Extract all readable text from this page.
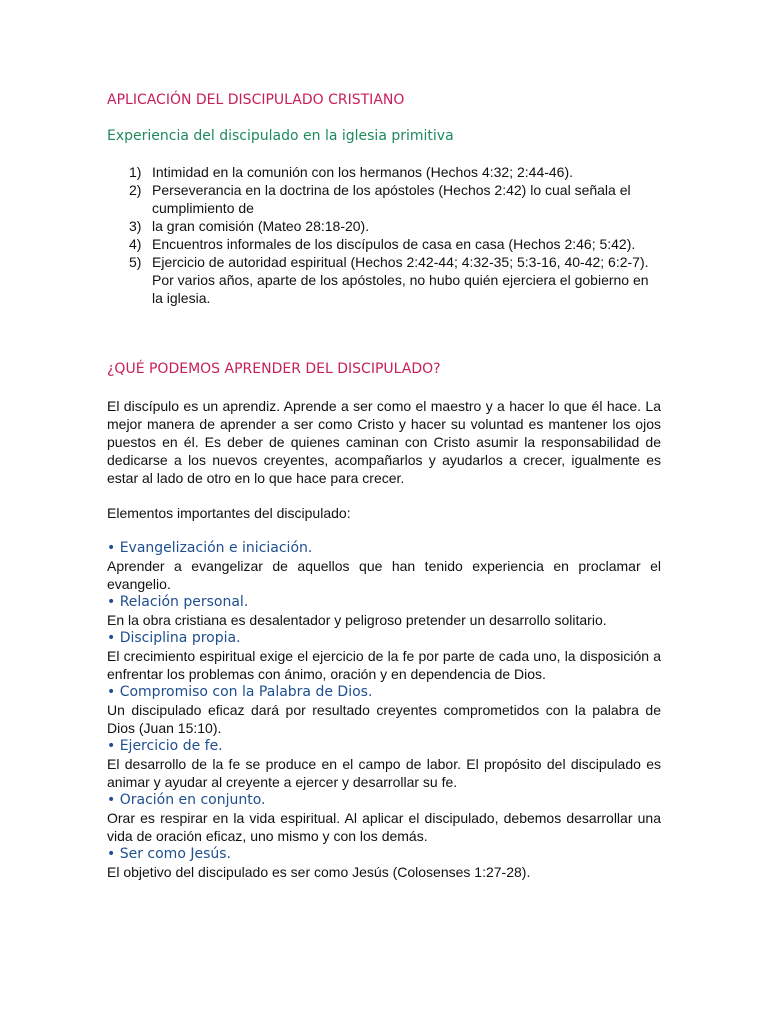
APLICACIÓN DEL DISCIPULADO CRISTIANO
Experiencia del discipulado en la iglesia primitiva
1) Intimidad en la comunión con los hermanos (Hechos 4:32; 2:44-46).
2) Perseverancia en la doctrina de los apóstoles (Hechos 2:42) lo cual señala el cumplimiento de
3) la gran comisión (Mateo 28:18-20).
4) Encuentros informales de los discípulos de casa en casa (Hechos 2:46; 5:42).
5) Ejercicio de autoridad espiritual (Hechos 2:42-44; 4:32-35; 5:3-16, 40-42; 6:2-7). Por varios años, aparte de los apóstoles, no hubo quién ejerciera el gobierno en la iglesia.
¿QUÉ PODEMOS APRENDER DEL DISCIPULADO?

El discípulo es un aprendiz. Aprende a ser como el maestro y a hacer lo que él hace. La mejor manera de aprender a ser como Cristo y hacer su voluntad es mantener los ojos puestos en él. Es deber de quienes caminan con Cristo asumir la responsabilidad de dedicarse a los nuevos creyentes, acompañarlos y ayudarlos a crecer, igualmente es estar al lado de otro en lo que hace para crecer.

Elementos importantes del discipulado:

• Evangelización e iniciación.

Aprender a evangelizar de aquellos que han tenido experiencia en proclamar el evangelio.

• Relación personal.

En la obra cristiana es desalentador y peligroso pretender un desarrollo solitario.

• Disciplina propia.

El crecimiento espiritual exige el ejercicio de la fe por parte de cada uno, la disposición a enfrentar los problemas con ánimo, oración y en dependencia de Dios.

• Compromiso con la Palabra de Dios.

Un discipulado eficaz dará por resultado creyentes comprometidos con la palabra de Dios (Juan 15:10).

• Ejercicio de fe.

El desarrollo de la fe se produce en el campo de labor. El propósito del discipulado es animar y ayudar al creyente a ejercer y desarrollar su fe.

• Oración en conjunto.

Orar es respirar en la vida espiritual. Al aplicar el discipulado, debemos desarrollar una vida de oración eficaz, uno mismo y con los demás.

• Ser como Jesús.

El objetivo del discipulado es ser como Jesús (Colosenses 1:27-28).
